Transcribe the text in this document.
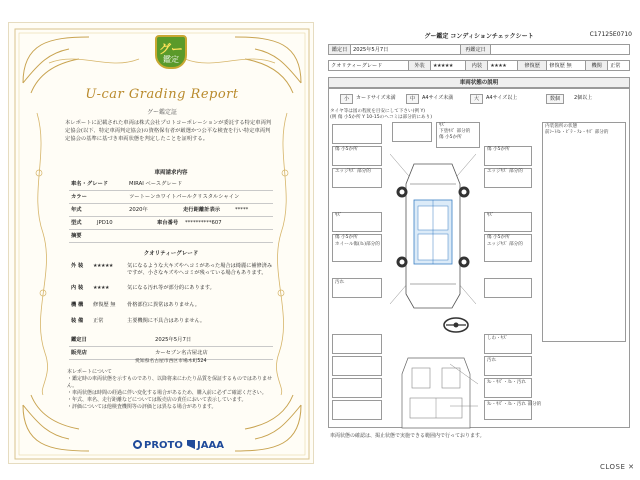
グー
鑑定
U-car Grading Report
グー鑑定証
本レポートに記載された車両は株式会社プロトコーポレーションが委託する特定車両判定協会(以下、特定車両判定協会)の資格保有者が厳選かつ公平な検査を行い特定車両判定協会の基準に基づき車両状態を判定したことを証明する。
車両請求内容
車名・グレード	MIRAI ベースグレード
カラー	ツートーンホワイトパールクリスタルシャイン
年式	2020年	走行距離計表示	*****
型式	JPD10	車台番号 **********607
摘要
クオリティーグレード
外 装 ★★★★★	気になるような大キズやへコミがあった場合は綺麗に補修済みですが、小さなキズやへコミが残っている場合もあります。
内 装 ★★★★	気になる汚れ等が部分的にあります。
機 構 修復歴 無 骨格部位に異常はありません。
装 備 正常	主要機関に不具合はありません。
鑑定日	2025年5月7日
販売店	カーセブン名古屋北店
愛知県名古屋市西区市場木町524
本レポートについて
・鑑定時の車両状態を示すものであり、以降将来にわたり品質を保証するものではありません。
・車両状態は時間の経過に伴い変化する場合があるため、購入前に必ずご確認ください。
・年式、車名、走行距離などについては販売店の責任において表示しています。
・評価については他検査機関等の評価とは異なる場合があります。
PROTO	JAAA
グー鑑定 コンディションチェックシート	C17125E0710
鑑定日	2025年5月7日	再鑑定日	
クオリティーグレード	外装	★★★★★	内装	★★★★	修復歴	修復歴 無	機関	正常
車両状態の説明
小	カードサイズ未満	中	A4サイズ未満	大	A4サイズ以上	数個	2個以上
タイヤ等は図の程度を目安にして下さい(例 Y)
(例 傷 小5か所 Y 10-15のヘコミは部分的にあり)
傷 小5か所
エッジｷｽﾞ 部分的
ｷｽﾞ
傷 小5か所
ホイール傷(ｽﾚ)部分的
汚れ
ｷｽﾞ
下塗ｷｽﾞ 部分的
傷 小5か所
傷 小5か所
エッジｷｽﾞ 部分的
ｷｽﾞ
傷 小5か所
エッジｷｽﾞ 部分的
内装箇所の状態
前ｼｰﾄｽﾚ・ﾋﾞﾗ・ｽﾚ・ｷｽﾞ 部分的
しわ・ｷｽﾞ
汚れ
ｽﾚ・ｷｽﾞ・ｽﾚ・汚れ
ｽﾚ・ｷｽﾞ・ｽﾚ・汚れ 部分的
車両状態の確認は、掲止状態で実施できる範囲内で行っております。
CLOSE ✕
